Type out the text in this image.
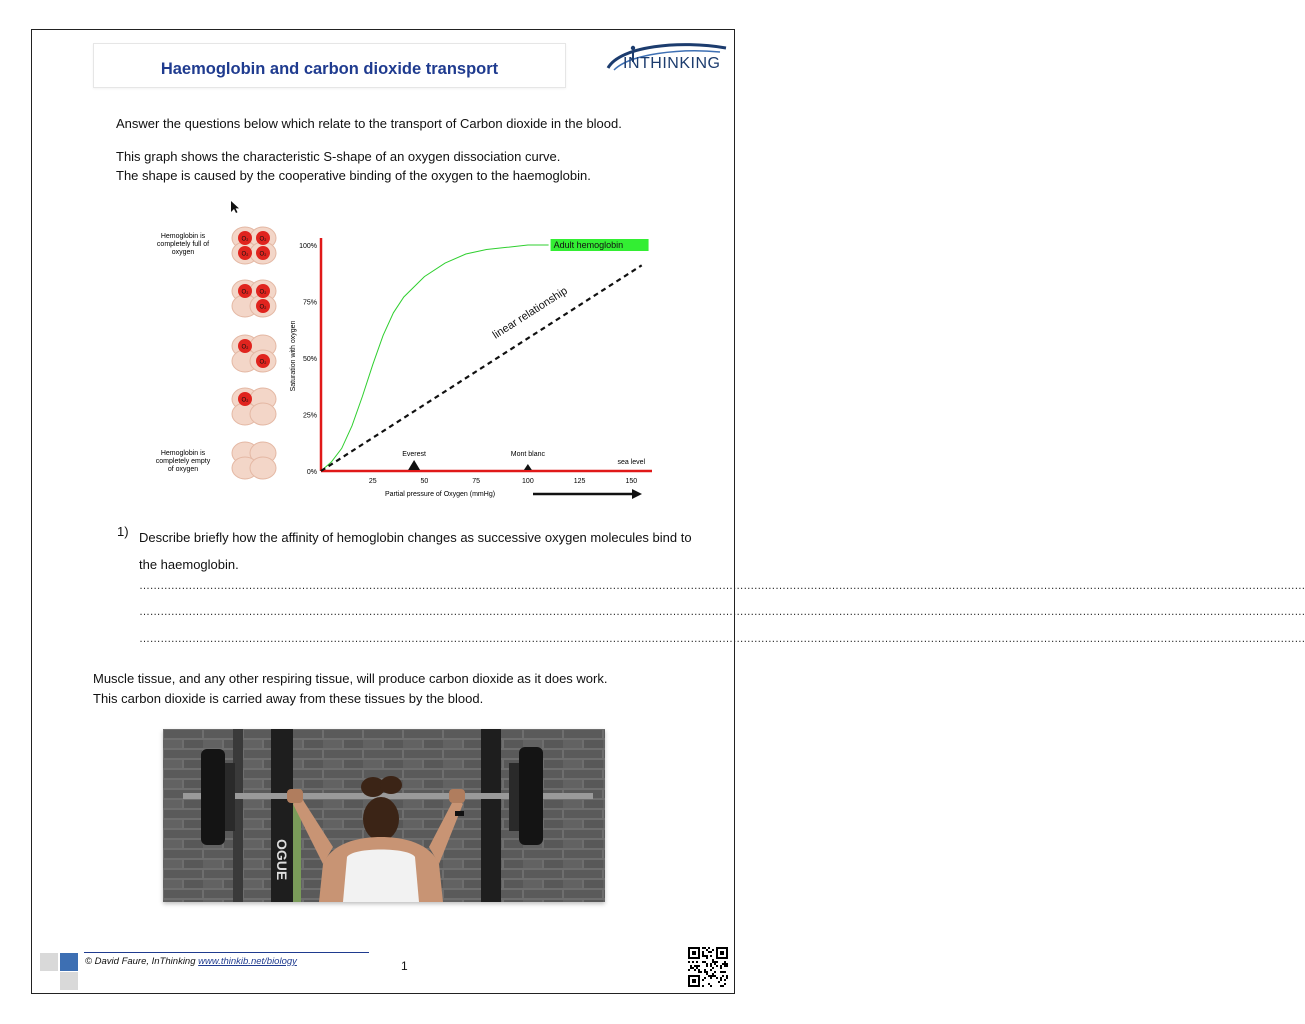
Haemoglobin and carbon dioxide transport	INTHINKING
Answer the questions below which relate to the transport of Carbon dioxide in the blood.
This graph shows the characteristic S-shape of an oxygen dissociation curve.
The shape is caused by the cooperative binding of the oxygen to the haemoglobin.
O₂ O₂
O₂ O₂
O₂ O₂
O₂
O₂
O₂
O₂
Hemoglobin is
completely full of
oxygen
Hemoglobin is
completely empty
of oxygen	0%
25%
50%
75%
100%
25	50	75	100	125	150
Adult hemoglobin
linear relationship
Everest	Mont blanc
sea level
Saturation with oxygen
Partial pressure of Oxygen (mmHg)
1) Describe briefly how the affinity of hemoglobin changes as successive oxygen molecules bind to the haemoglobin.
……………………………………………………………………………………………………………………………………………………………………………………………………………………………………………………………………………………………………
……………………………………………………………………………………………………………………………………………………………………………………………………………………………………………………………………………………………………
……………………………………………………………………………………………………………………………………………………………………………………………………………………………………………………………………………………………………
Muscle tissue, and any other respiring tissue, will produce carbon dioxide as it does work.
This carbon dioxide is carried away from these tissues by the blood.
OGUE
© David Faure, InThinking www.thinkib.net/biology	1
